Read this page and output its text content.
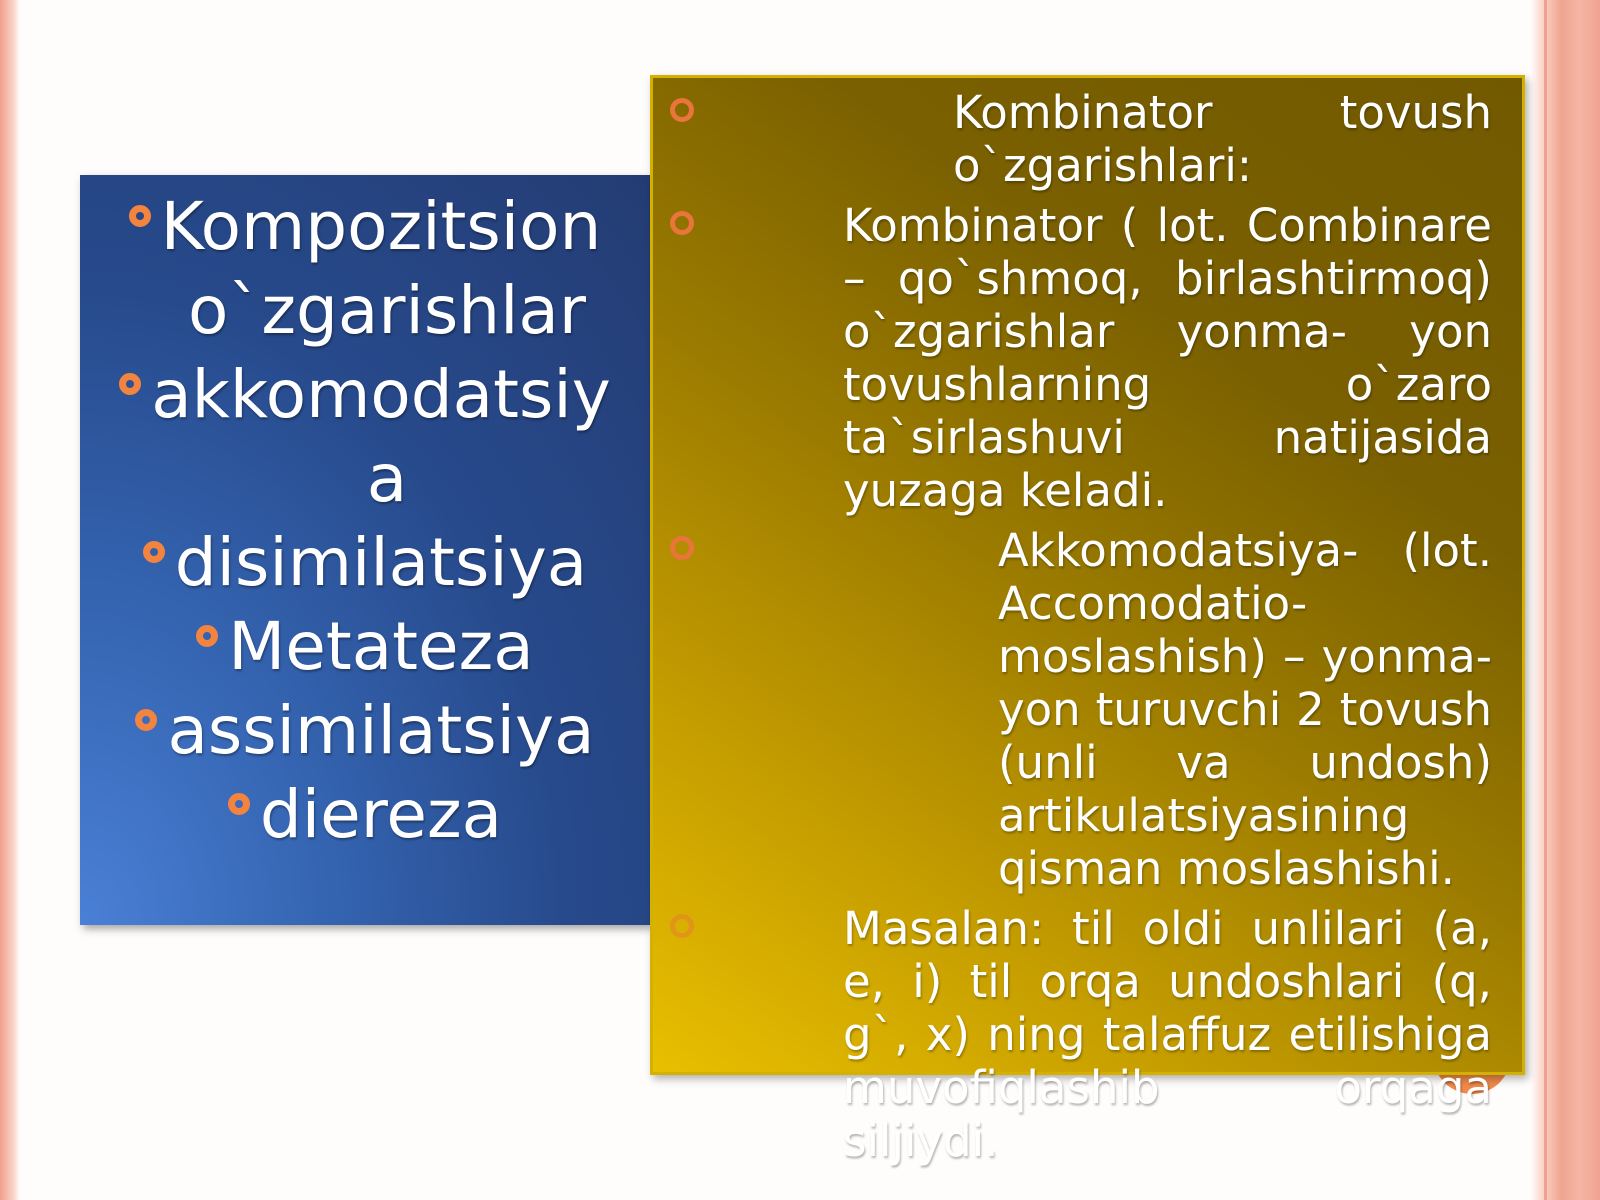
Kompozitsion o`zgarishlar
akkomodatsiya
disimilatsiya
Metateza
assimilatsiya
diereza
Kombinator tovush o`zgarishlari:
Kombinator ( lot. Combinare – qo`shmoq, birlashtirmoq) o`zgarishlar yonma- yon tovushlarning o`zaro ta`sirlashuvi natijasida yuzaga keladi.
Akkomodatsiya- (lot. Accomodatio-moslashish) – yonma-yon turuvchi 2 tovush (unli va undosh) artikulatsiyasining qisman moslashishi.
Masalan: til oldi unlilari (a, e, i) til orqa undoshlari (q, g`, x) ning talaffuz etilishiga muvofiqlashib orqaga siljiydi.
